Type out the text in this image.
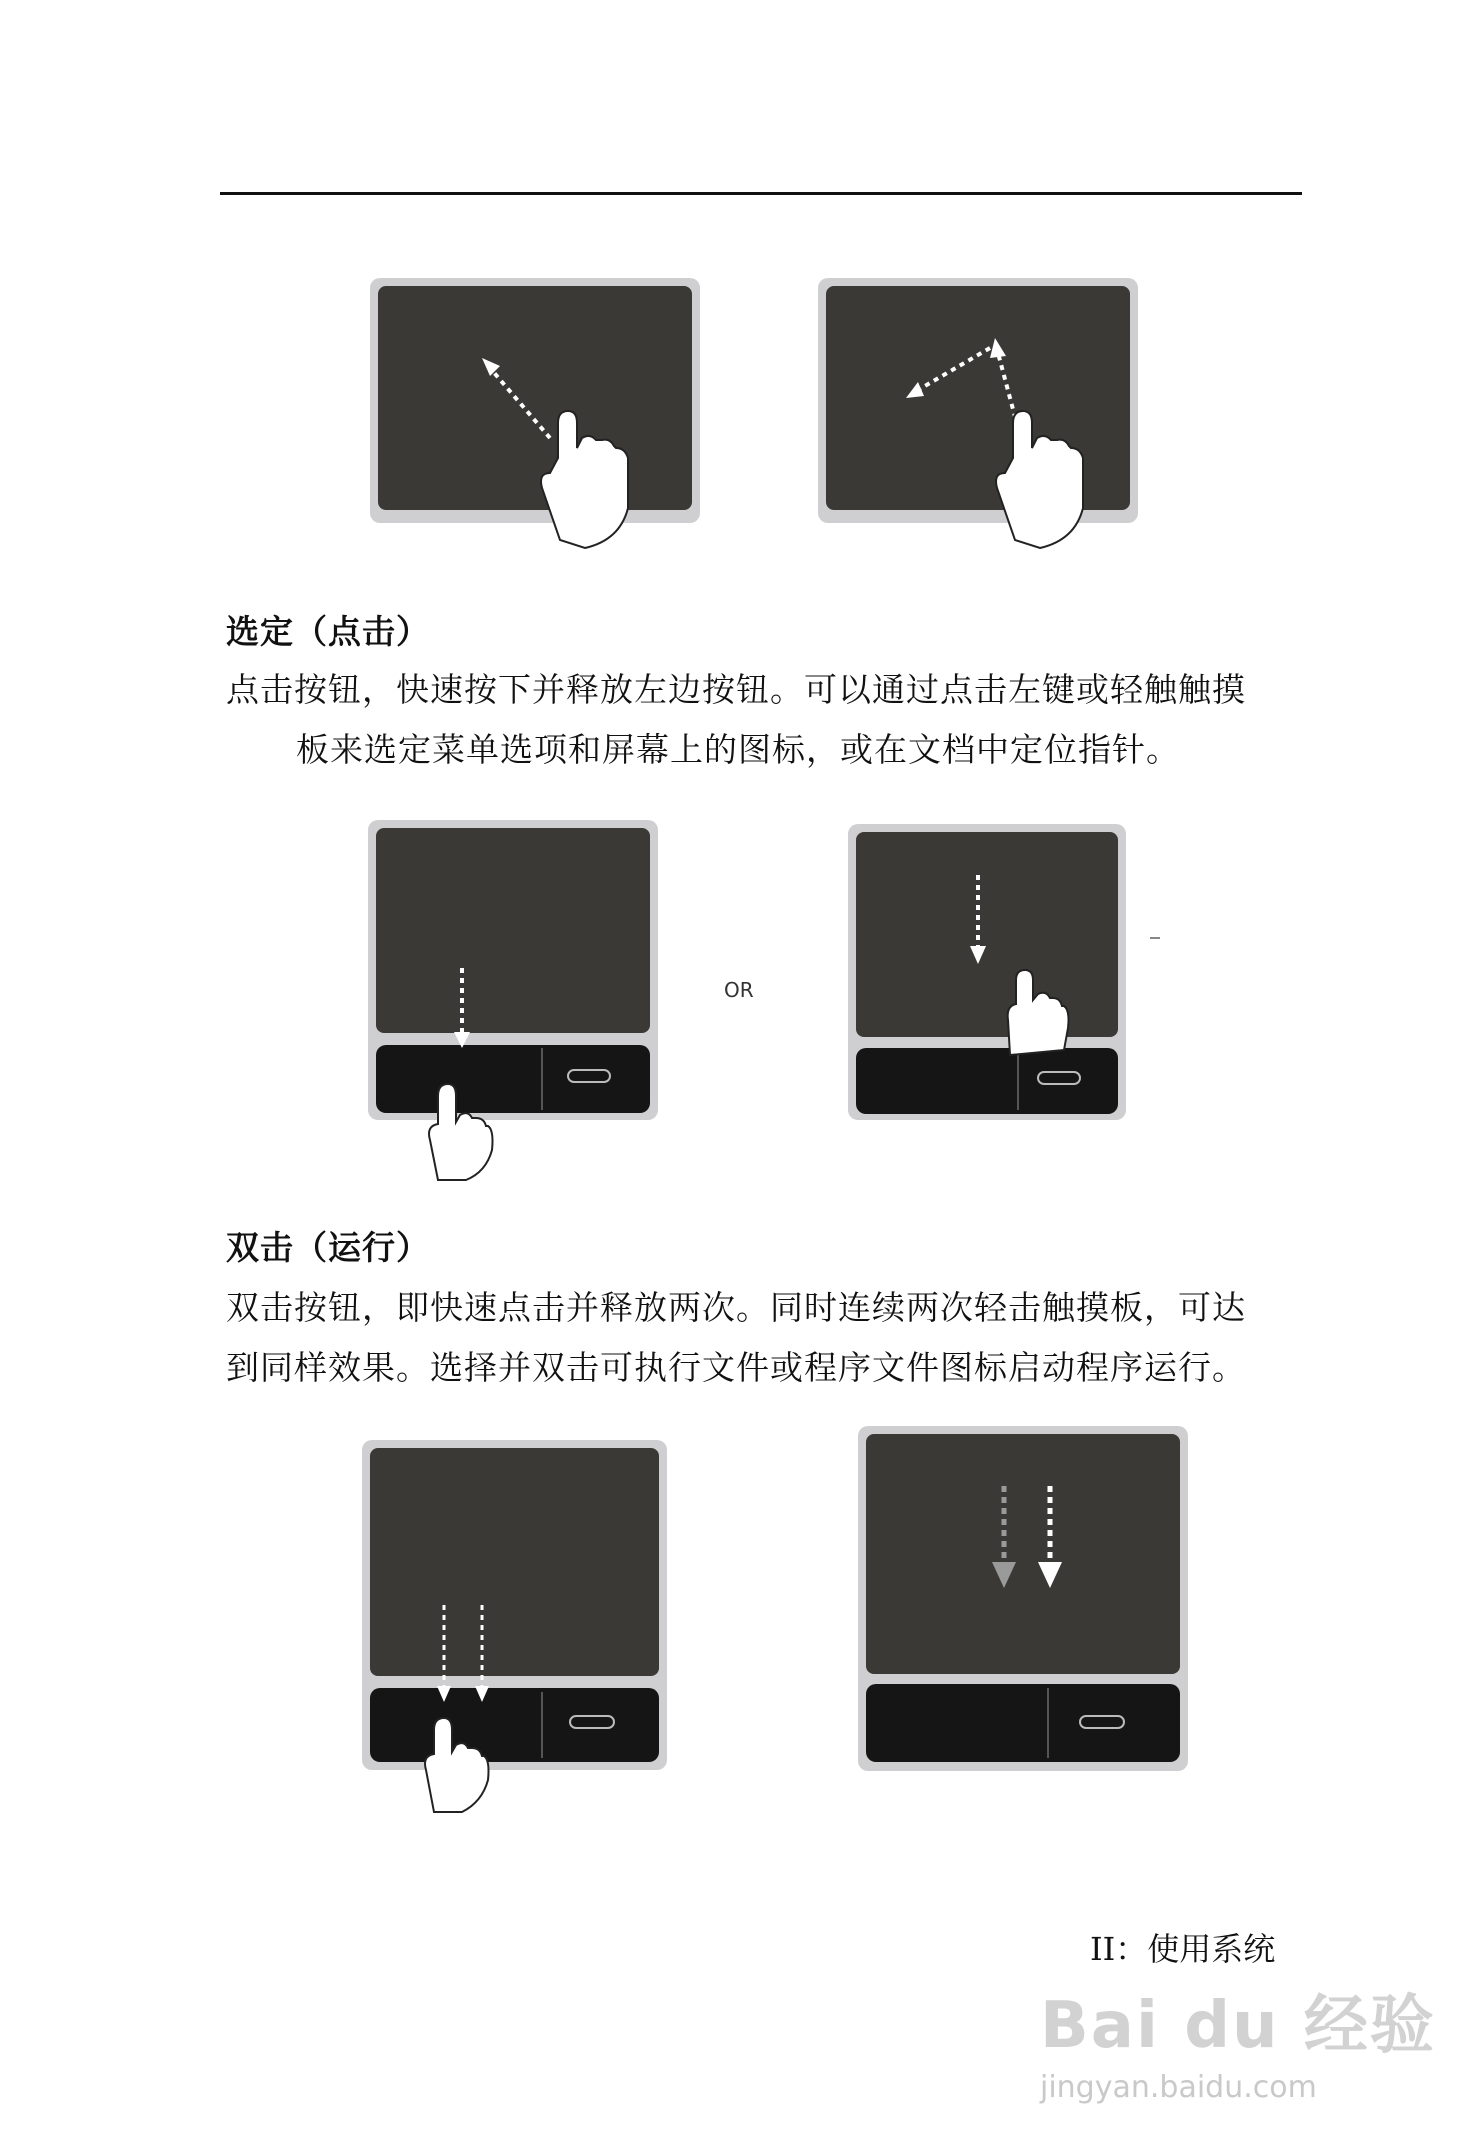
选定（点击）
点击按钮，快速按下并释放左边按钮。可以通过点击左键或轻触触摸
板来选定菜单选项和屏幕上的图标，或在文档中定位指针。
OR
双击（运行）
双击按钮，即快速点击并释放两次。同时连续两次轻击触摸板，可达
到同样效果。选择并双击可执行文件或程序文件图标启动程序运行。
II：使用系统
Bai du 经验
jingyan.baidu.com
